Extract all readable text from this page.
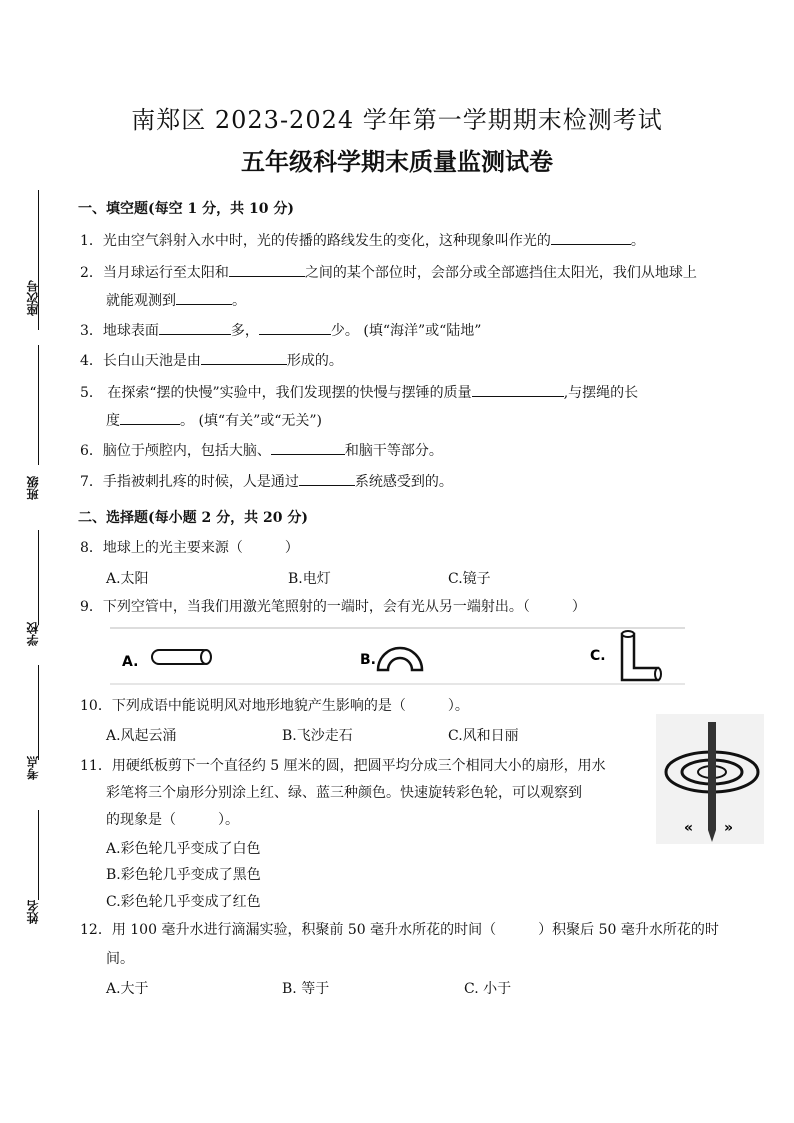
座次号
班级
学校
考点
姓名
南郑区 2023-2024 学年第一学期期末检测考试
五年级科学期末质量监测试卷
一、填空题(每空 1 分，共 10 分)
1．光由空气斜射入水中时，光的传播的路线发生的变化，这种现象叫作光的	。
2．当月球运行至太阳和	之间的某个部位时，会部分或全部遮挡住太阳光，我们从地球上
就能观测到	。
3．地球表面	多，	少。 (填“海洋”或“陆地”
4．长白山天池是由	形成的。
5． 在探索“摆的快慢”实验中，我们发现摆的快慢与摆锤的质量	,与摆绳的长
度	。 (填“有关”或“无关”)
6．脑位于颅腔内，包括大脑、	和脑干等部分。
7．手指被刺扎疼的时候，人是通过	系统感受到的。
二、选择题(每小题 2 分，共 20 分)
8．地球上的光主要来源（　　　）
A.太阳	B.电灯	C.镜子
9．下列空管中，当我们用激光笔照射的一端时，会有光从另一端射出。（　　　）
A.	B.	C.
10．下列成语中能说明风对地形地貌产生影响的是（　　　）。
A.风起云涌	B.飞沙走石	C.风和日丽
« »
11．用硬纸板剪下一个直径约 5 厘米的圆，把圆平均分成三个相同大小的扇形，用水
彩笔将三个扇形分别涂上红、绿、蓝三种颜色。快速旋转彩色轮，可以观察到
的现象是（　　　）。
A.彩色轮几乎变成了白色
B.彩色轮几乎变成了黑色
C.彩色轮几乎变成了红色
12．用 100 毫升水进行滴漏实验，积聚前 50 毫升水所花的时间（　　　）积聚后 50 毫升水所花的时
间。
A.大于	B. 等于	C. 小于
